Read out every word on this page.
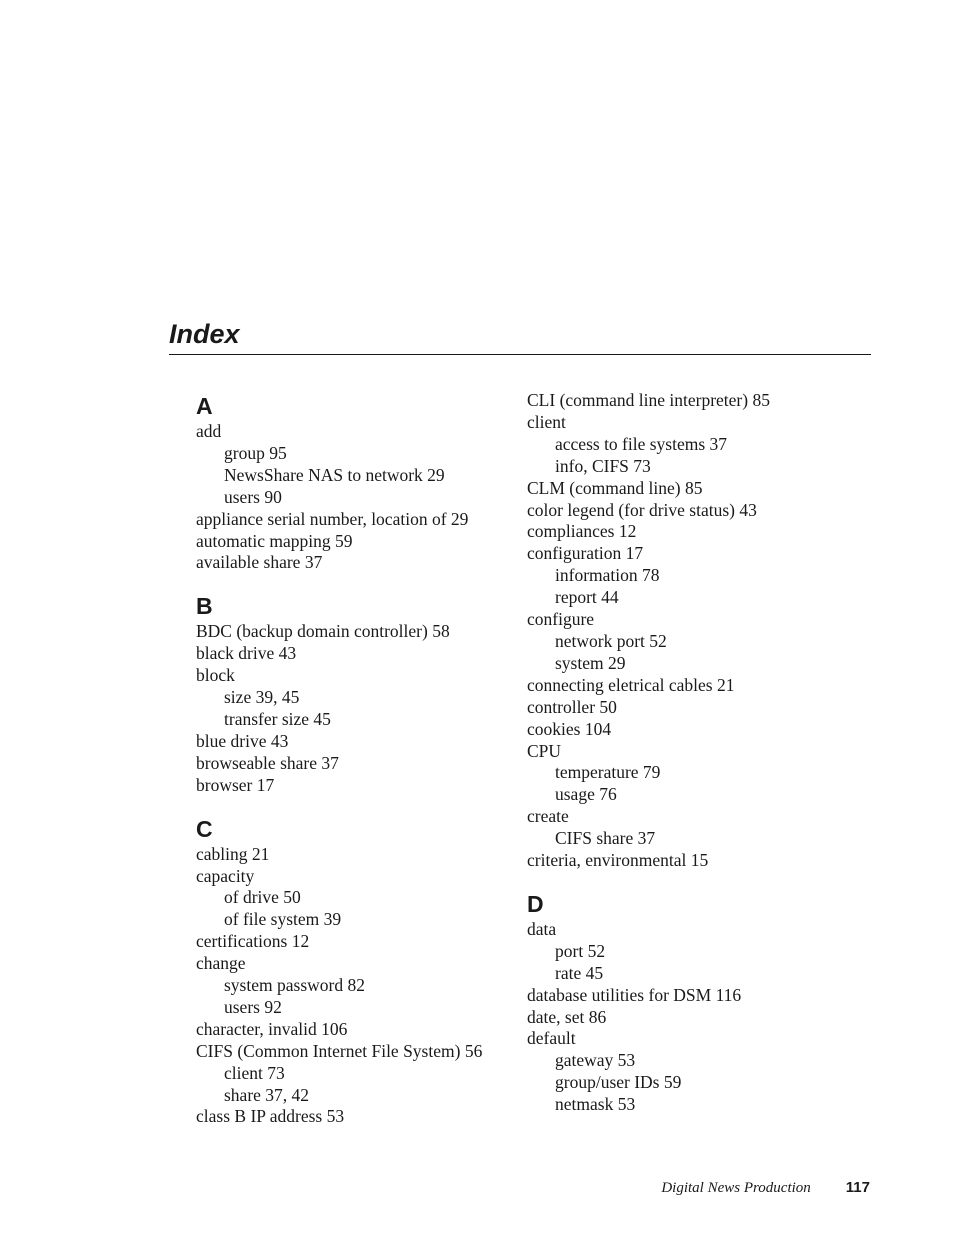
Index
A
add
group 95
NewsShare NAS to network 29
users 90
appliance serial number, location of 29
automatic mapping 59
available share 37
B
BDC (backup domain controller) 58
black drive 43
block
size 39, 45
transfer size 45
blue drive 43
browseable share 37
browser 17
C
cabling 21
capacity
of drive 50
of file system 39
certifications 12
change
system password 82
users 92
character, invalid 106
CIFS (Common Internet File System) 56
client 73
share 37, 42
class B IP address 53
CLI (command line interpreter) 85
client
access to file systems 37
info, CIFS 73
CLM (command line) 85
color legend (for drive status) 43
compliances 12
configuration 17
information 78
report 44
configure
network port 52
system 29
connecting eletrical cables 21
controller 50
cookies 104
CPU
temperature 79
usage 76
create
CIFS share 37
criteria, environmental 15
D
data
port 52
rate 45
database utilities for DSM 116
date, set 86
default
gateway 53
group/user IDs 59
netmask 53
Digital News Production 117
